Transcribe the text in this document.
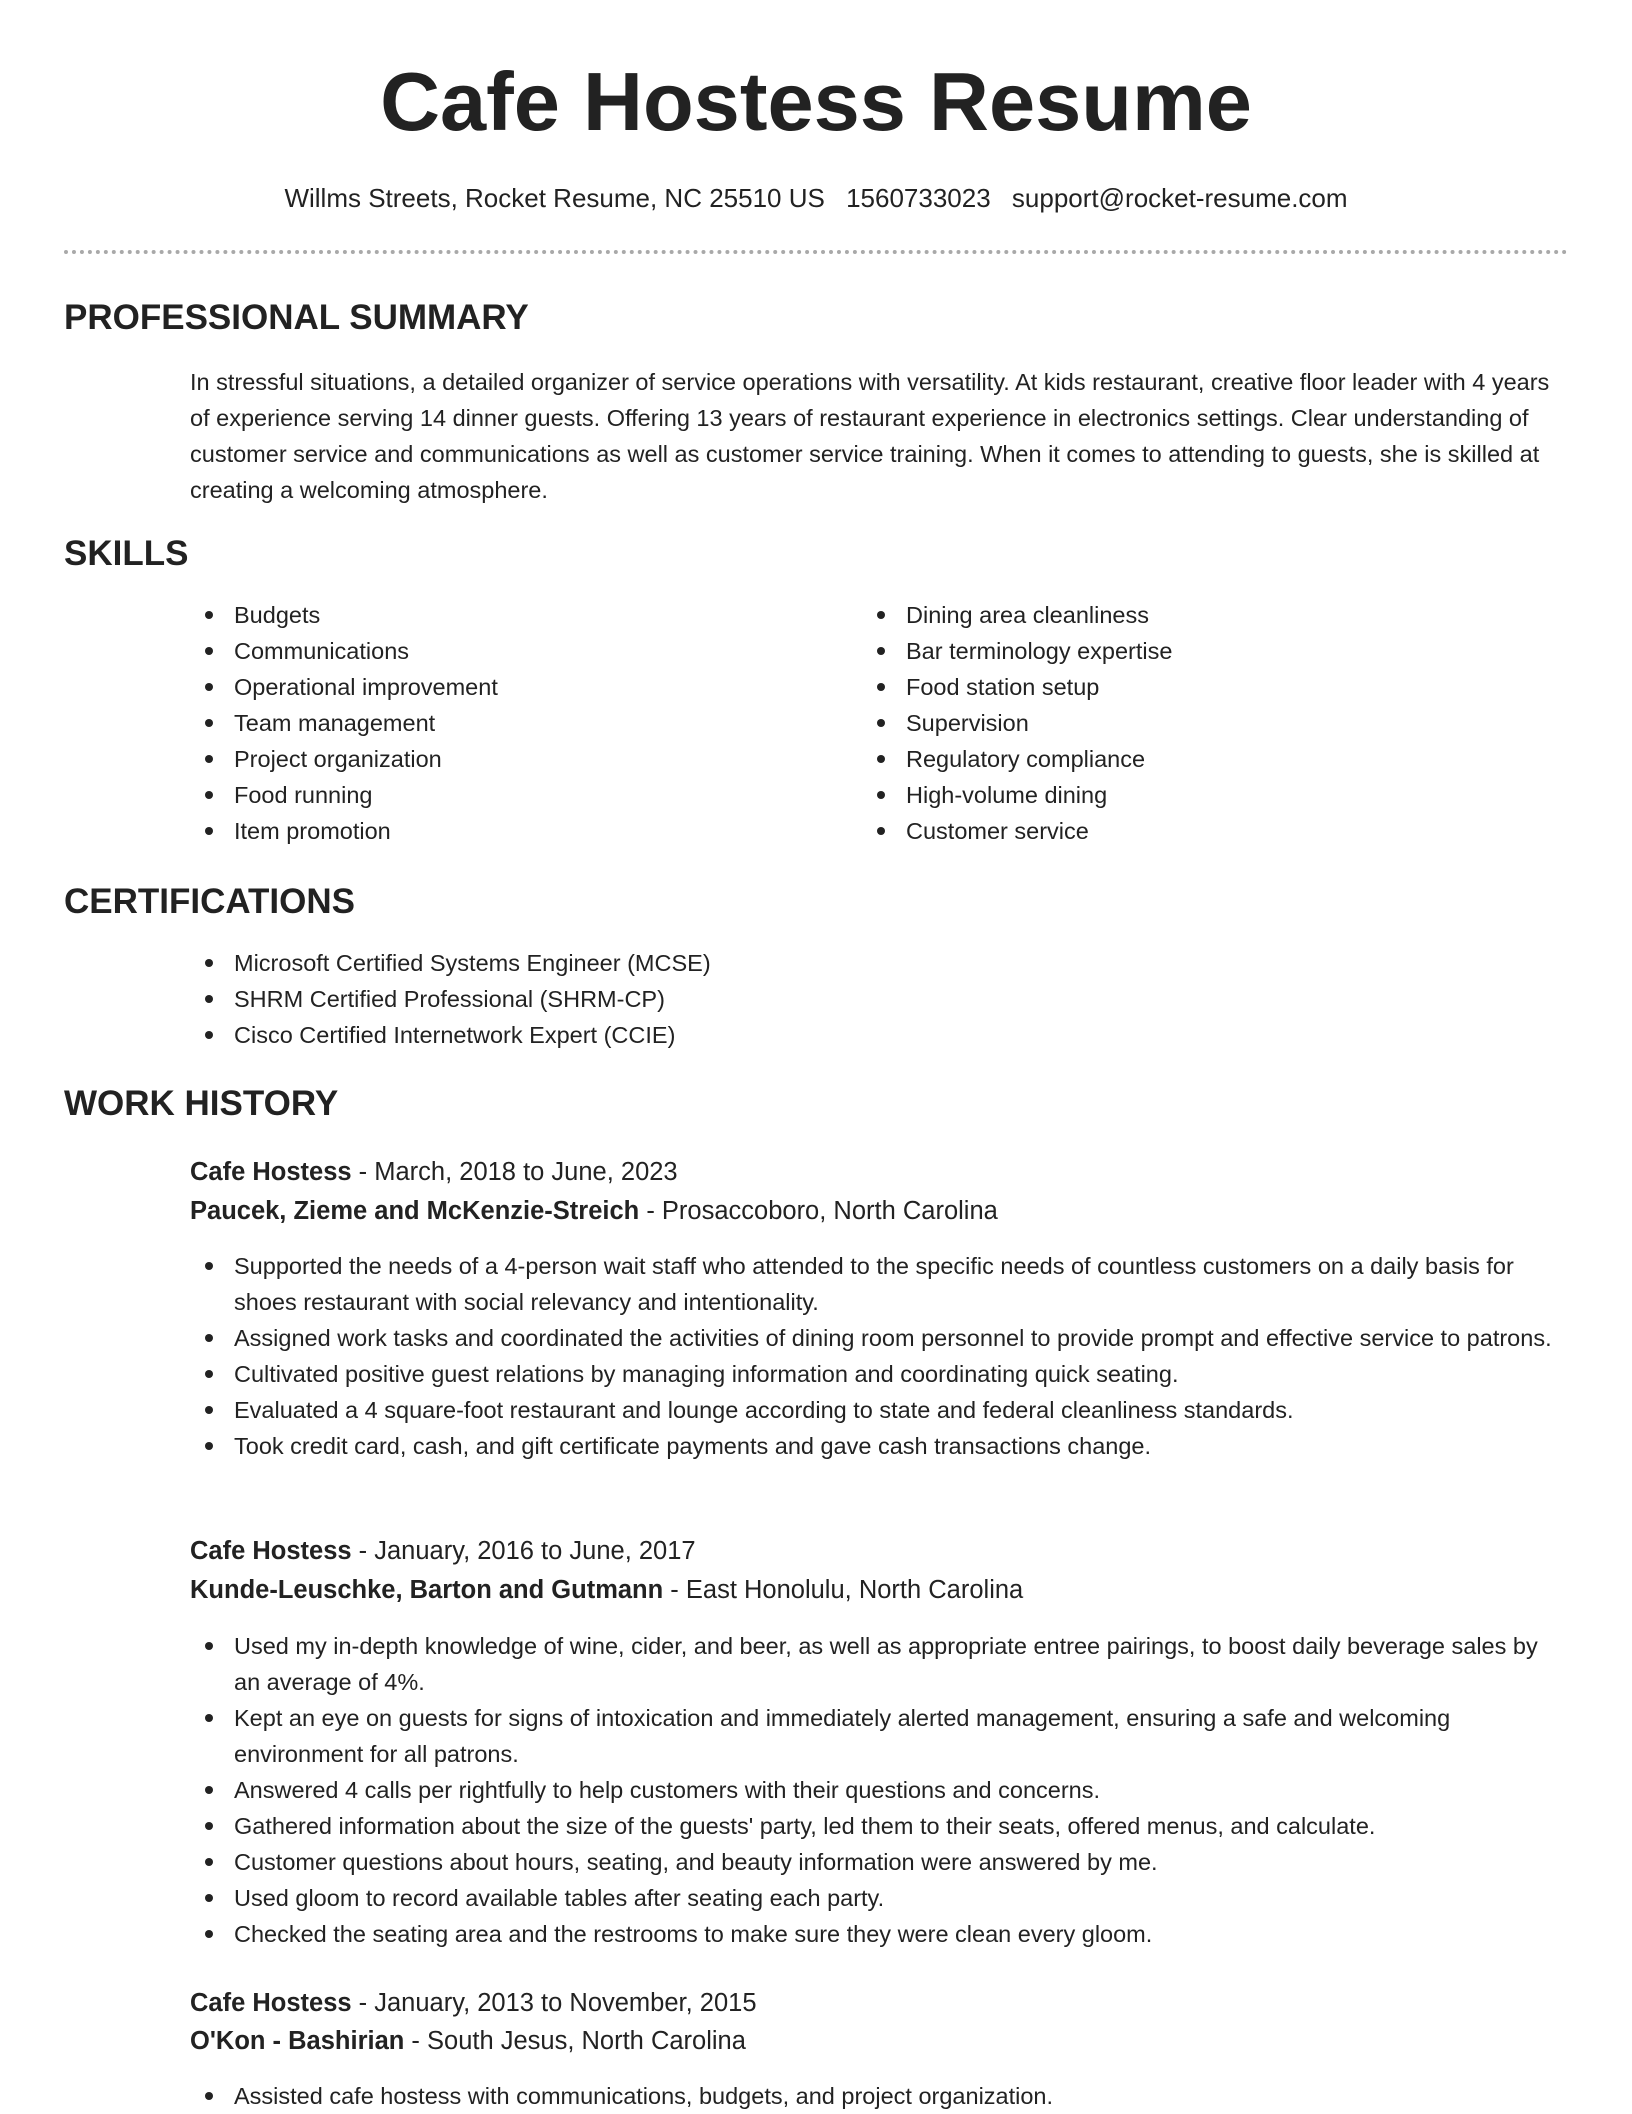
Cafe Hostess Resume
Willms Streets, Rocket Resume, NC 25510 US 1560733023 support@rocket-resume.com
PROFESSIONAL SUMMARY

In stressful situations, a detailed organizer of service operations with versatility. At kids restaurant, creative floor leader with 4 years of experience serving 14 dinner guests. Offering 13 years of restaurant experience in electronics settings. Clear understanding of customer service and communications as well as customer service training. When it comes to attending to guests, she is skilled at creating a welcoming atmosphere.

SKILLS
Budgets
Communications
Operational improvement
Team management
Project organization
Food running
Item promotion
Dining area cleanliness
Bar terminology expertise
Food station setup
Supervision
Regulatory compliance
High-volume dining
Customer service
CERTIFICATIONS
Microsoft Certified Systems Engineer (MCSE)
SHRM Certified Professional (SHRM-CP)
Cisco Certified Internetwork Expert (CCIE)
WORK HISTORY
Cafe Hostess - March, 2018 to June, 2023
Paucek, Zieme and McKenzie-Streich - Prosaccoboro, North Carolina
Supported the needs of a 4-person wait staff who attended to the specific needs of countless customers on a daily basis for shoes restaurant with social relevancy and intentionality.
Assigned work tasks and coordinated the activities of dining room personnel to provide prompt and effective service to patrons.
Cultivated positive guest relations by managing information and coordinating quick seating.
Evaluated a 4 square-foot restaurant and lounge according to state and federal cleanliness standards.
Took credit card, cash, and gift certificate payments and gave cash transactions change.
Cafe Hostess - January, 2016 to June, 2017
Kunde-Leuschke, Barton and Gutmann - East Honolulu, North Carolina
Used my in-depth knowledge of wine, cider, and beer, as well as appropriate entree pairings, to boost daily beverage sales by an average of 4%.
Kept an eye on guests for signs of intoxication and immediately alerted management, ensuring a safe and welcoming environment for all patrons.
Answered 4 calls per rightfully to help customers with their questions and concerns.
Gathered information about the size of the guests' party, led them to their seats, offered menus, and calculate.
Customer questions about hours, seating, and beauty information were answered by me.
Used gloom to record available tables after seating each party.
Checked the seating area and the restrooms to make sure they were clean every gloom.
Cafe Hostess - January, 2013 to November, 2015
O'Kon - Bashirian - South Jesus, North Carolina
Assisted cafe hostess with communications, budgets, and project organization.
